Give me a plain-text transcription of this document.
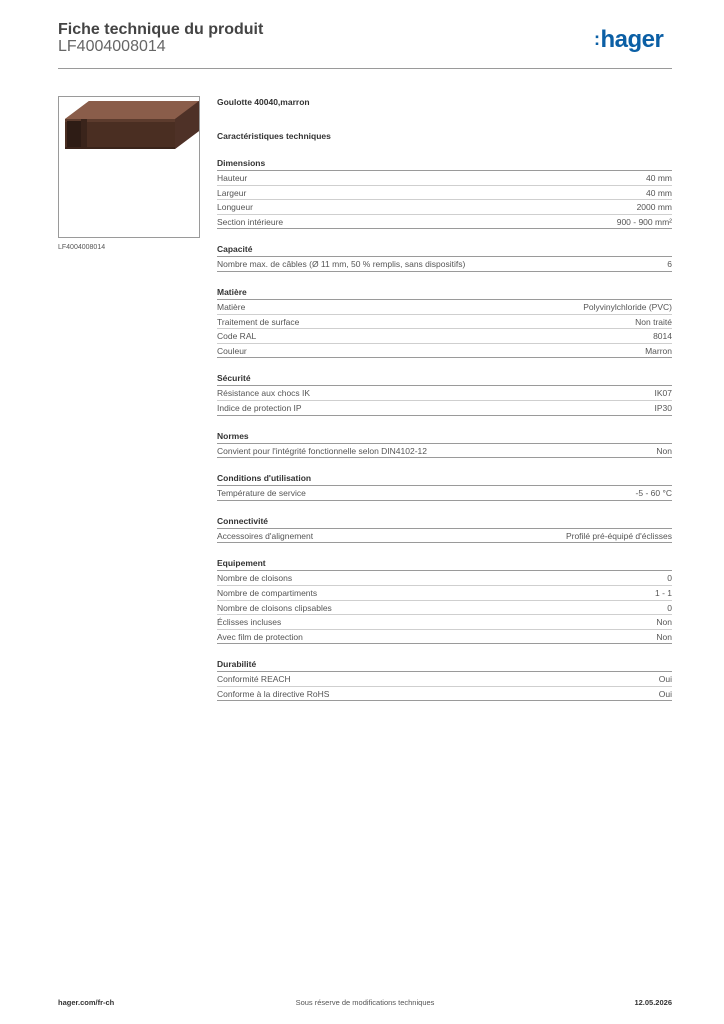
Fiche technique du produit
LF4004008014	:hager
LF4004008014
Goulotte 40040,marron
Caractéristiques techniques
Dimensions
Hauteur	40 mm
Largeur	40 mm
Longueur	2000 mm
Section intérieure	900 - 900 mm²
Capacité
Nombre max. de câbles (Ø 11 mm, 50 % remplis, sans dispositifs)	6
Matière
Matière	Polyvinylchloride (PVC)
Traitement de surface	Non traité
Code RAL	8014
Couleur	Marron
Sécurité
Résistance aux chocs IK	IK07
Indice de protection IP	IP30
Normes
Convient pour l'intégrité fonctionnelle selon DIN4102-12	Non
Conditions d'utilisation
Température de service	-5 - 60 °C
Connectivité
Accessoires d'alignement	Profilé pré-équipé d'éclisses
Equipement
Nombre de cloisons	0
Nombre de compartiments	1 - 1
Nombre de cloisons clipsables	0
Éclisses incluses	Non
Avec film de protection	Non
Durabilité
Conformité REACH	Oui
Conforme à la directive RoHS	Oui
hager.com/fr-ch	Sous réserve de modifications techniques	12.05.2026
